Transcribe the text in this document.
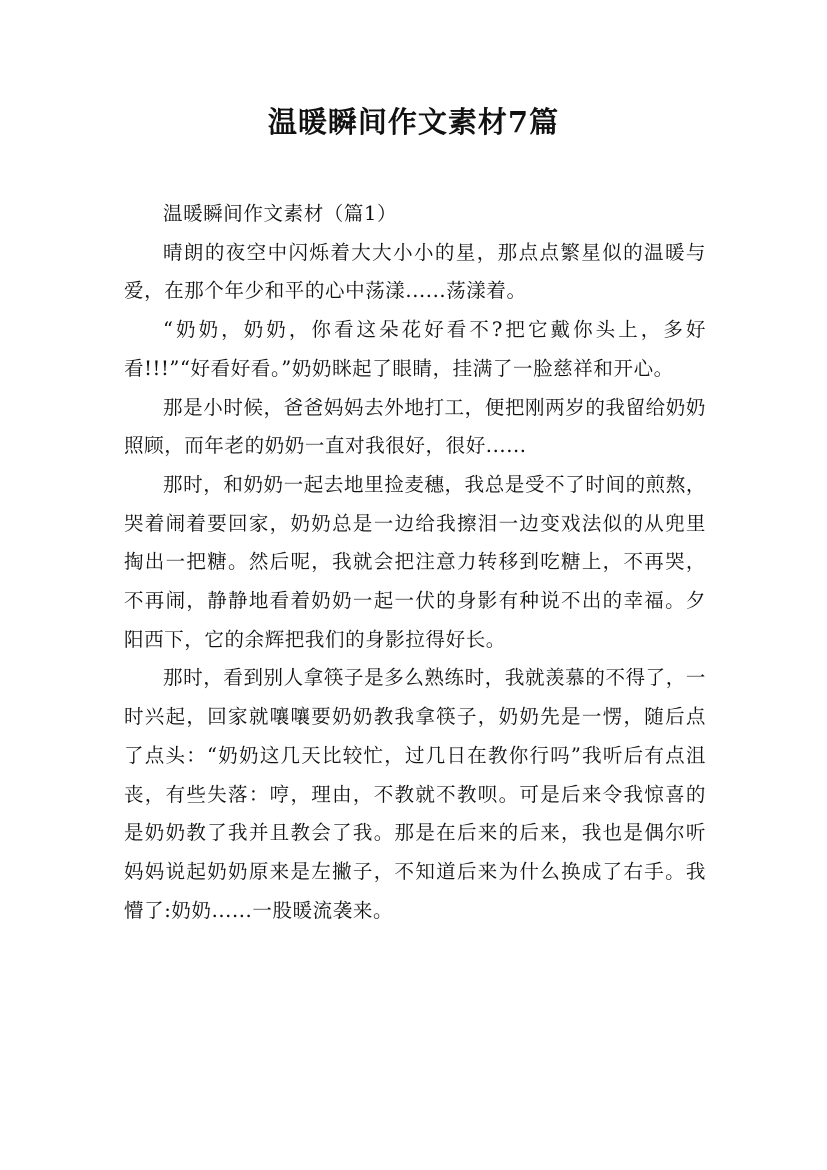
温暖瞬间作文素材7篇

温暖瞬间作文素材（篇1）

晴朗的夜空中闪烁着大大小小的星，那点点繁星似的温暖与爱，在那个年少和平的心中荡漾......荡漾着。

“奶奶，奶奶，你看这朵花好看不?把它戴你头上，多好看!!!”“好看好看。”奶奶眯起了眼睛，挂满了一脸慈祥和开心。

那是小时候，爸爸妈妈去外地打工，便把刚两岁的我留给奶奶照顾，而年老的奶奶一直对我很好，很好......

那时，和奶奶一起去地里捡麦穗，我总是受不了时间的煎熬，哭着闹着要回家，奶奶总是一边给我擦泪一边变戏法似的从兜里掏出一把糖。然后呢，我就会把注意力转移到吃糖上，不再哭，不再闹，静静地看着奶奶一起一伏的身影有种说不出的幸福。夕阳西下，它的余辉把我们的身影拉得好长。

那时，看到别人拿筷子是多么熟练时，我就羡慕的不得了，一时兴起，回家就嚷嚷要奶奶教我拿筷子，奶奶先是一愣，随后点了点头：“奶奶这几天比较忙，过几日在教你行吗”我听后有点沮丧，有些失落：哼，理由，不教就不教呗。可是后来令我惊喜的是奶奶教了我并且教会了我。那是在后来的后来，我也是偶尔听妈妈说起奶奶原来是左撇子，不知道后来为什么换成了右手。我懵了:奶奶......一股暖流袭来。
